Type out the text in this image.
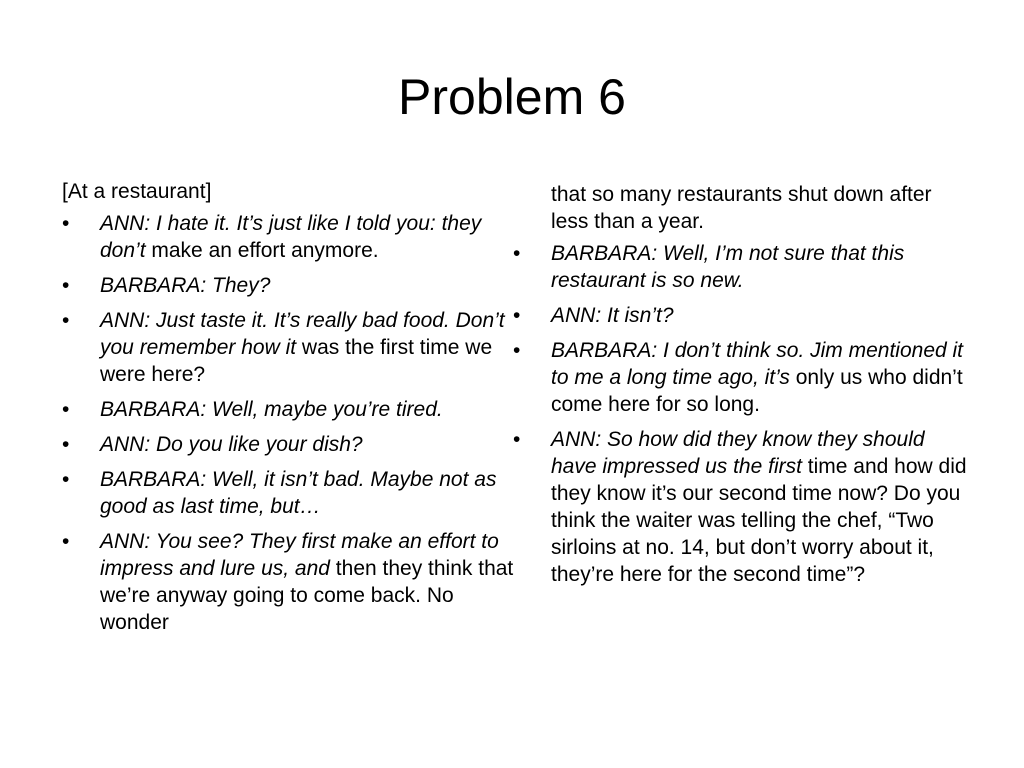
Problem 6
[At a restaurant]
• ANN: I hate it. It’s just like I told you: they don’t make an effort anymore.
• BARBARA: They?
• ANN: Just taste it. It’s really bad food. Don’t you remember how it was the first time we were here?
• BARBARA: Well, maybe you’re tired.
• ANN: Do you like your dish?
• BARBARA: Well, it isn’t bad. Maybe not as good as last time, but…
• ANN: You see? They first make an effort to impress and lure us, and then they think that we’re anyway going to come back. No wonder
that so many restaurants shut down after less than a year.
• BARBARA: Well, I’m not sure that this restaurant is so new.
• ANN: It isn’t?
• BARBARA: I don’t think so. Jim mentioned it to me a long time ago, it’s only us who didn’t come here for so long.
• ANN: So how did they know they should have impressed us the first time and how did they know it’s our second time now? Do you think the waiter was telling the chef, “Two sirloins at no. 14, but don’t worry about it, they’re here for the second time”?
